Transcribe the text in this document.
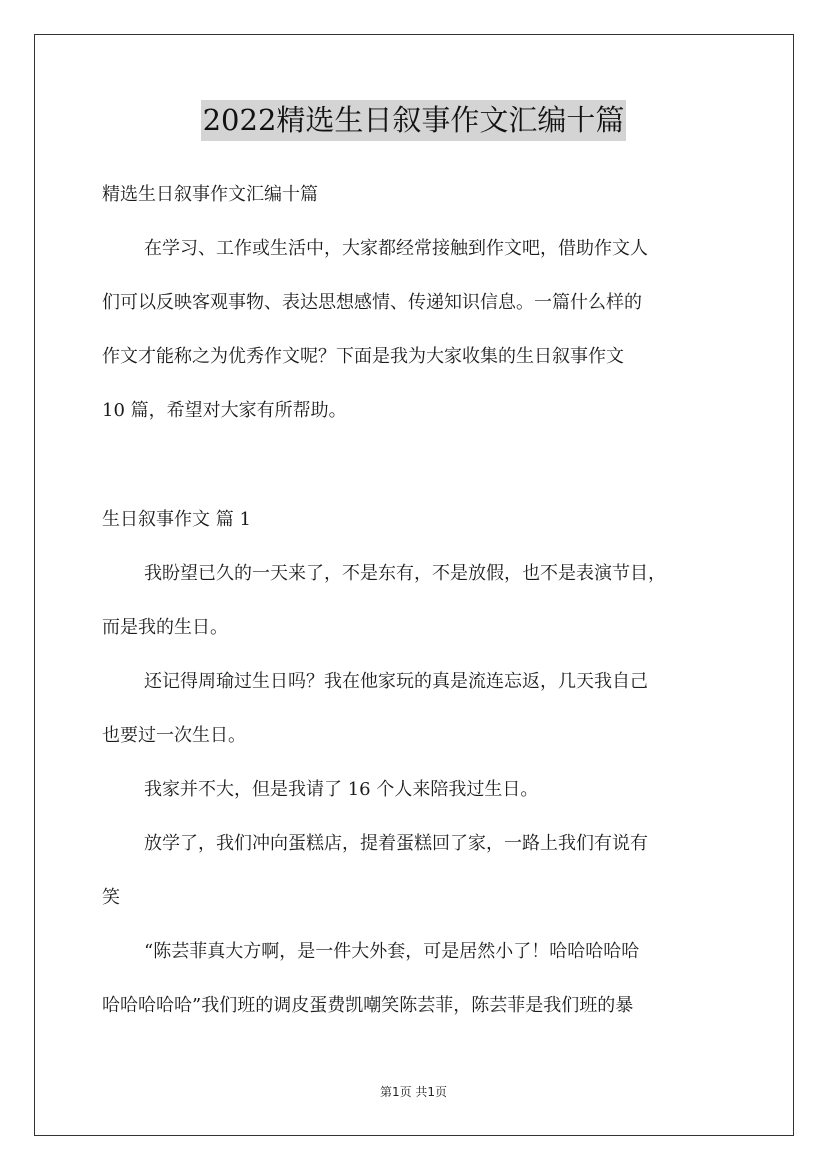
2022精选生日叙事作文汇编十篇
精选生日叙事作文汇编十篇
在学习、工作或生活中，大家都经常接触到作文吧，借助作文人
们可以反映客观事物、表达思想感情、传递知识信息。一篇什么样的
作文才能称之为优秀作文呢？下面是我为大家收集的生日叙事作文
10 篇，希望对大家有所帮助。
生日叙事作文 篇 1
我盼望已久的一天来了，不是东有，不是放假，也不是表演节目，
而是我的生日。
还记得周瑜过生日吗？我在他家玩的真是流连忘返，几天我自己
也要过一次生日。
我家并不大，但是我请了 16 个人来陪我过生日。
放学了，我们冲向蛋糕店，提着蛋糕回了家，一路上我们有说有
笑
“陈芸菲真大方啊，是一件大外套，可是居然小了！哈哈哈哈哈
哈哈哈哈哈”我们班的调皮蛋费凯嘲笑陈芸菲，陈芸菲是我们班的暴
第1页 共1页
